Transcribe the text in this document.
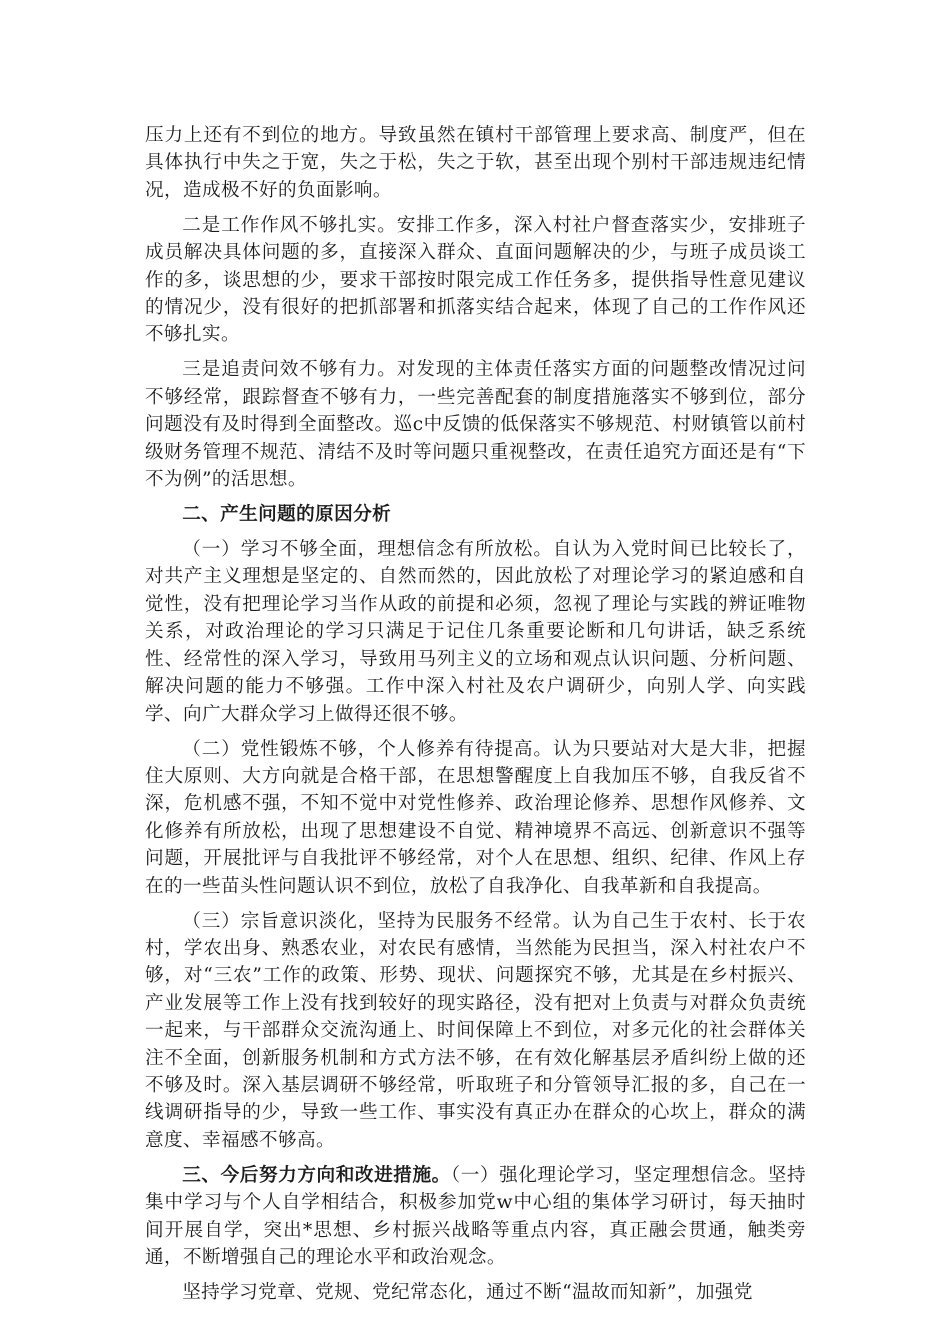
压力上还有不到位的地方。导致虽然在镇村干部管理上要求高、制度严，但在具体执行中失之于宽，失之于松，失之于软，甚至出现个别村干部违规违纪情况，造成极不好的负面影响。

二是工作作风不够扎实。安排工作多，深入村社户督查落实少，安排班子成员解决具体问题的多，直接深入群众、直面问题解决的少，与班子成员谈工作的多，谈思想的少，要求干部按时限完成工作任务多，提供指导性意见建议的情况少，没有很好的把抓部署和抓落实结合起来，体现了自己的工作作风还不够扎实。

三是追责问效不够有力。对发现的主体责任落实方面的问题整改情况过问不够经常，跟踪督查不够有力，一些完善配套的制度措施落实不够到位，部分问题没有及时得到全面整改。巡c中反馈的低保落实不够规范、村财镇管以前村级财务管理不规范、清结不及时等问题只重视整改，在责任追究方面还是有“下不为例”的活思想。

二、产生问题的原因分析

（一）学习不够全面，理想信念有所放松。自认为入党时间已比较长了，对共产主义理想是坚定的、自然而然的，因此放松了对理论学习的紧迫感和自觉性，没有把理论学习当作从政的前提和必须，忽视了理论与实践的辨证唯物关系，对政治理论的学习只满足于记住几条重要论断和几句讲话，缺乏系统性、经常性的深入学习，导致用马列主义的立场和观点认识问题、分析问题、解决问题的能力不够强。工作中深入村社及农户调研少，向别人学、向实践学、向广大群众学习上做得还很不够。

（二）党性锻炼不够，个人修养有待提高。认为只要站对大是大非，把握住大原则、大方向就是合格干部，在思想警醒度上自我加压不够，自我反省不深，危机感不强，不知不觉中对党性修养、政治理论修养、思想作风修养、文化修养有所放松，出现了思想建设不自觉、精神境界不高远、创新意识不强等问题，开展批评与自我批评不够经常，对个人在思想、组织、纪律、作风上存在的一些苗头性问题认识不到位，放松了自我净化、自我革新和自我提高。

（三）宗旨意识淡化，坚持为民服务不经常。认为自己生于农村、长于农村，学农出身、熟悉农业，对农民有感情，当然能为民担当，深入村社农户不够，对“三农”工作的政策、形势、现状、问题探究不够，尤其是在乡村振兴、产业发展等工作上没有找到较好的现实路径，没有把对上负责与对群众负责统一起来，与干部群众交流沟通上、时间保障上不到位，对多元化的社会群体关注不全面，创新服务机制和方式方法不够，在有效化解基层矛盾纠纷上做的还不够及时。深入基层调研不够经常，听取班子和分管领导汇报的多，自己在一线调研指导的少，导致一些工作、事实没有真正办在群众的心坎上，群众的满意度、幸福感不够高。

三、今后努力方向和改进措施。（一）强化理论学习，坚定理想信念。坚持集中学习与个人自学相结合，积极参加党w中心组的集体学习研讨，每天抽时间开展自学，突出*思想、乡村振兴战略等重点内容，真正融会贯通，触类旁通，不断增强自己的理论水平和政治观念。

坚持学习党章、党规、党纪常态化，通过不断“温故而知新”，加强党
